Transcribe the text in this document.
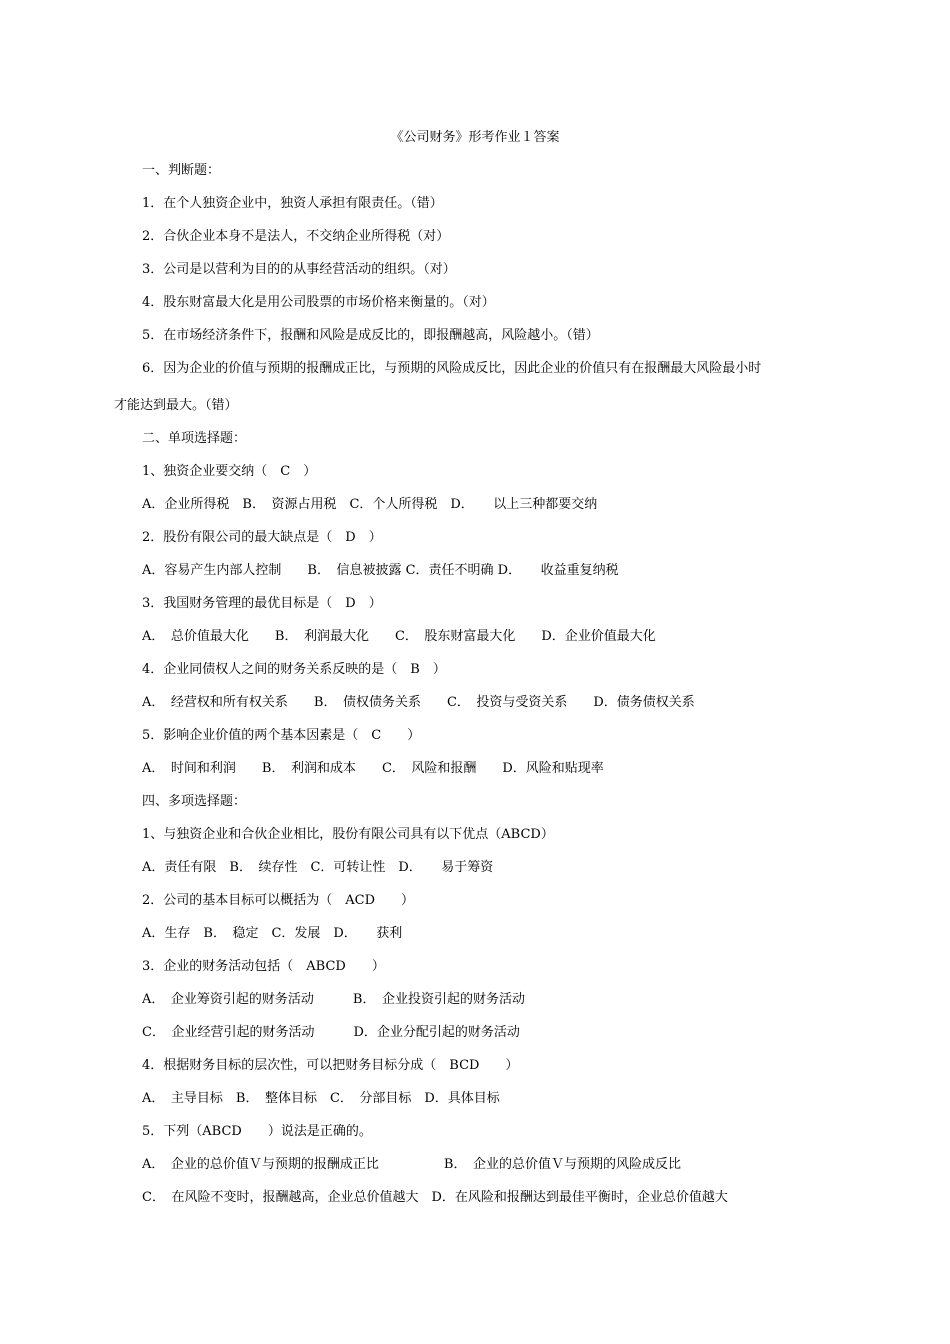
《公司财务》形考作业１答案
一、判断题：
1．在个人独资企业中，独资人承担有限责任。（错）
2．合伙企业本身不是法人，不交纳企业所得税（对）
3．公司是以营利为目的的从事经营活动的组织。（对）
4．股东财富最大化是用公司股票的市场价格来衡量的。（对）
5．在市场经济条件下，报酬和风险是成反比的，即报酬越高，风险越小。（错）
6．因为企业的价值与预期的报酬成正比，与预期的风险成反比，因此企业的价值只有在报酬最大风险最小时
才能达到最大。（错）
二、单项选择题：
1、独资企业要交纳（　C　）
A．企业所得税　B．　资源占用税　C．个人所得税　D．　　以上三种都要交纳
2．股份有限公司的最大缺点是（　D　）
A．容易产生内部人控制　　B．　信息被披露 C．责任不明确 D．　　收益重复纳税
3．我国财务管理的最优目标是（　D　）
A．　总价值最大化　　B．　利润最大化　　C．　股东财富最大化　　D．企业价值最大化
4．企业同债权人之间的财务关系反映的是（　B　）
A．　经营权和所有权关系　　B．　债权债务关系　　C．　投资与受资关系　　D．债务债权关系
5．影响企业价值的两个基本因素是（　C　　）
A．　时间和利润　　B．　利润和成本　　C．　风险和报酬　　D．风险和贴现率
四、多项选择题：
1、与独资企业和合伙企业相比，股份有限公司具有以下优点（ABCD）
A．责任有限　B．　续存性　C．可转让性　D．　　易于筹资
2．公司的基本目标可以概括为（　ACD　　）
A．生存　B．　稳定　C．发展　D．　　获利
3．企业的财务活动包括（　ABCD　　）
A．　企业筹资引起的财务活动　　　B．　企业投资引起的财务活动
C．　企业经营引起的财务活动　　　D．企业分配引起的财务活动
4．根据财务目标的层次性，可以把财务目标分成（　BCD　　）
A．　主导目标　B．　整体目标　C．　分部目标　D．具体目标
5．下列（ABCD　　）说法是正确的。
A．　企业的总价值Ｖ与预期的报酬成正比　　　　　B．　企业的总价值Ｖ与预期的风险成反比
C．　在风险不变时，报酬越高，企业总价值越大　D．在风险和报酬达到最佳平衡时，企业总价值越大
